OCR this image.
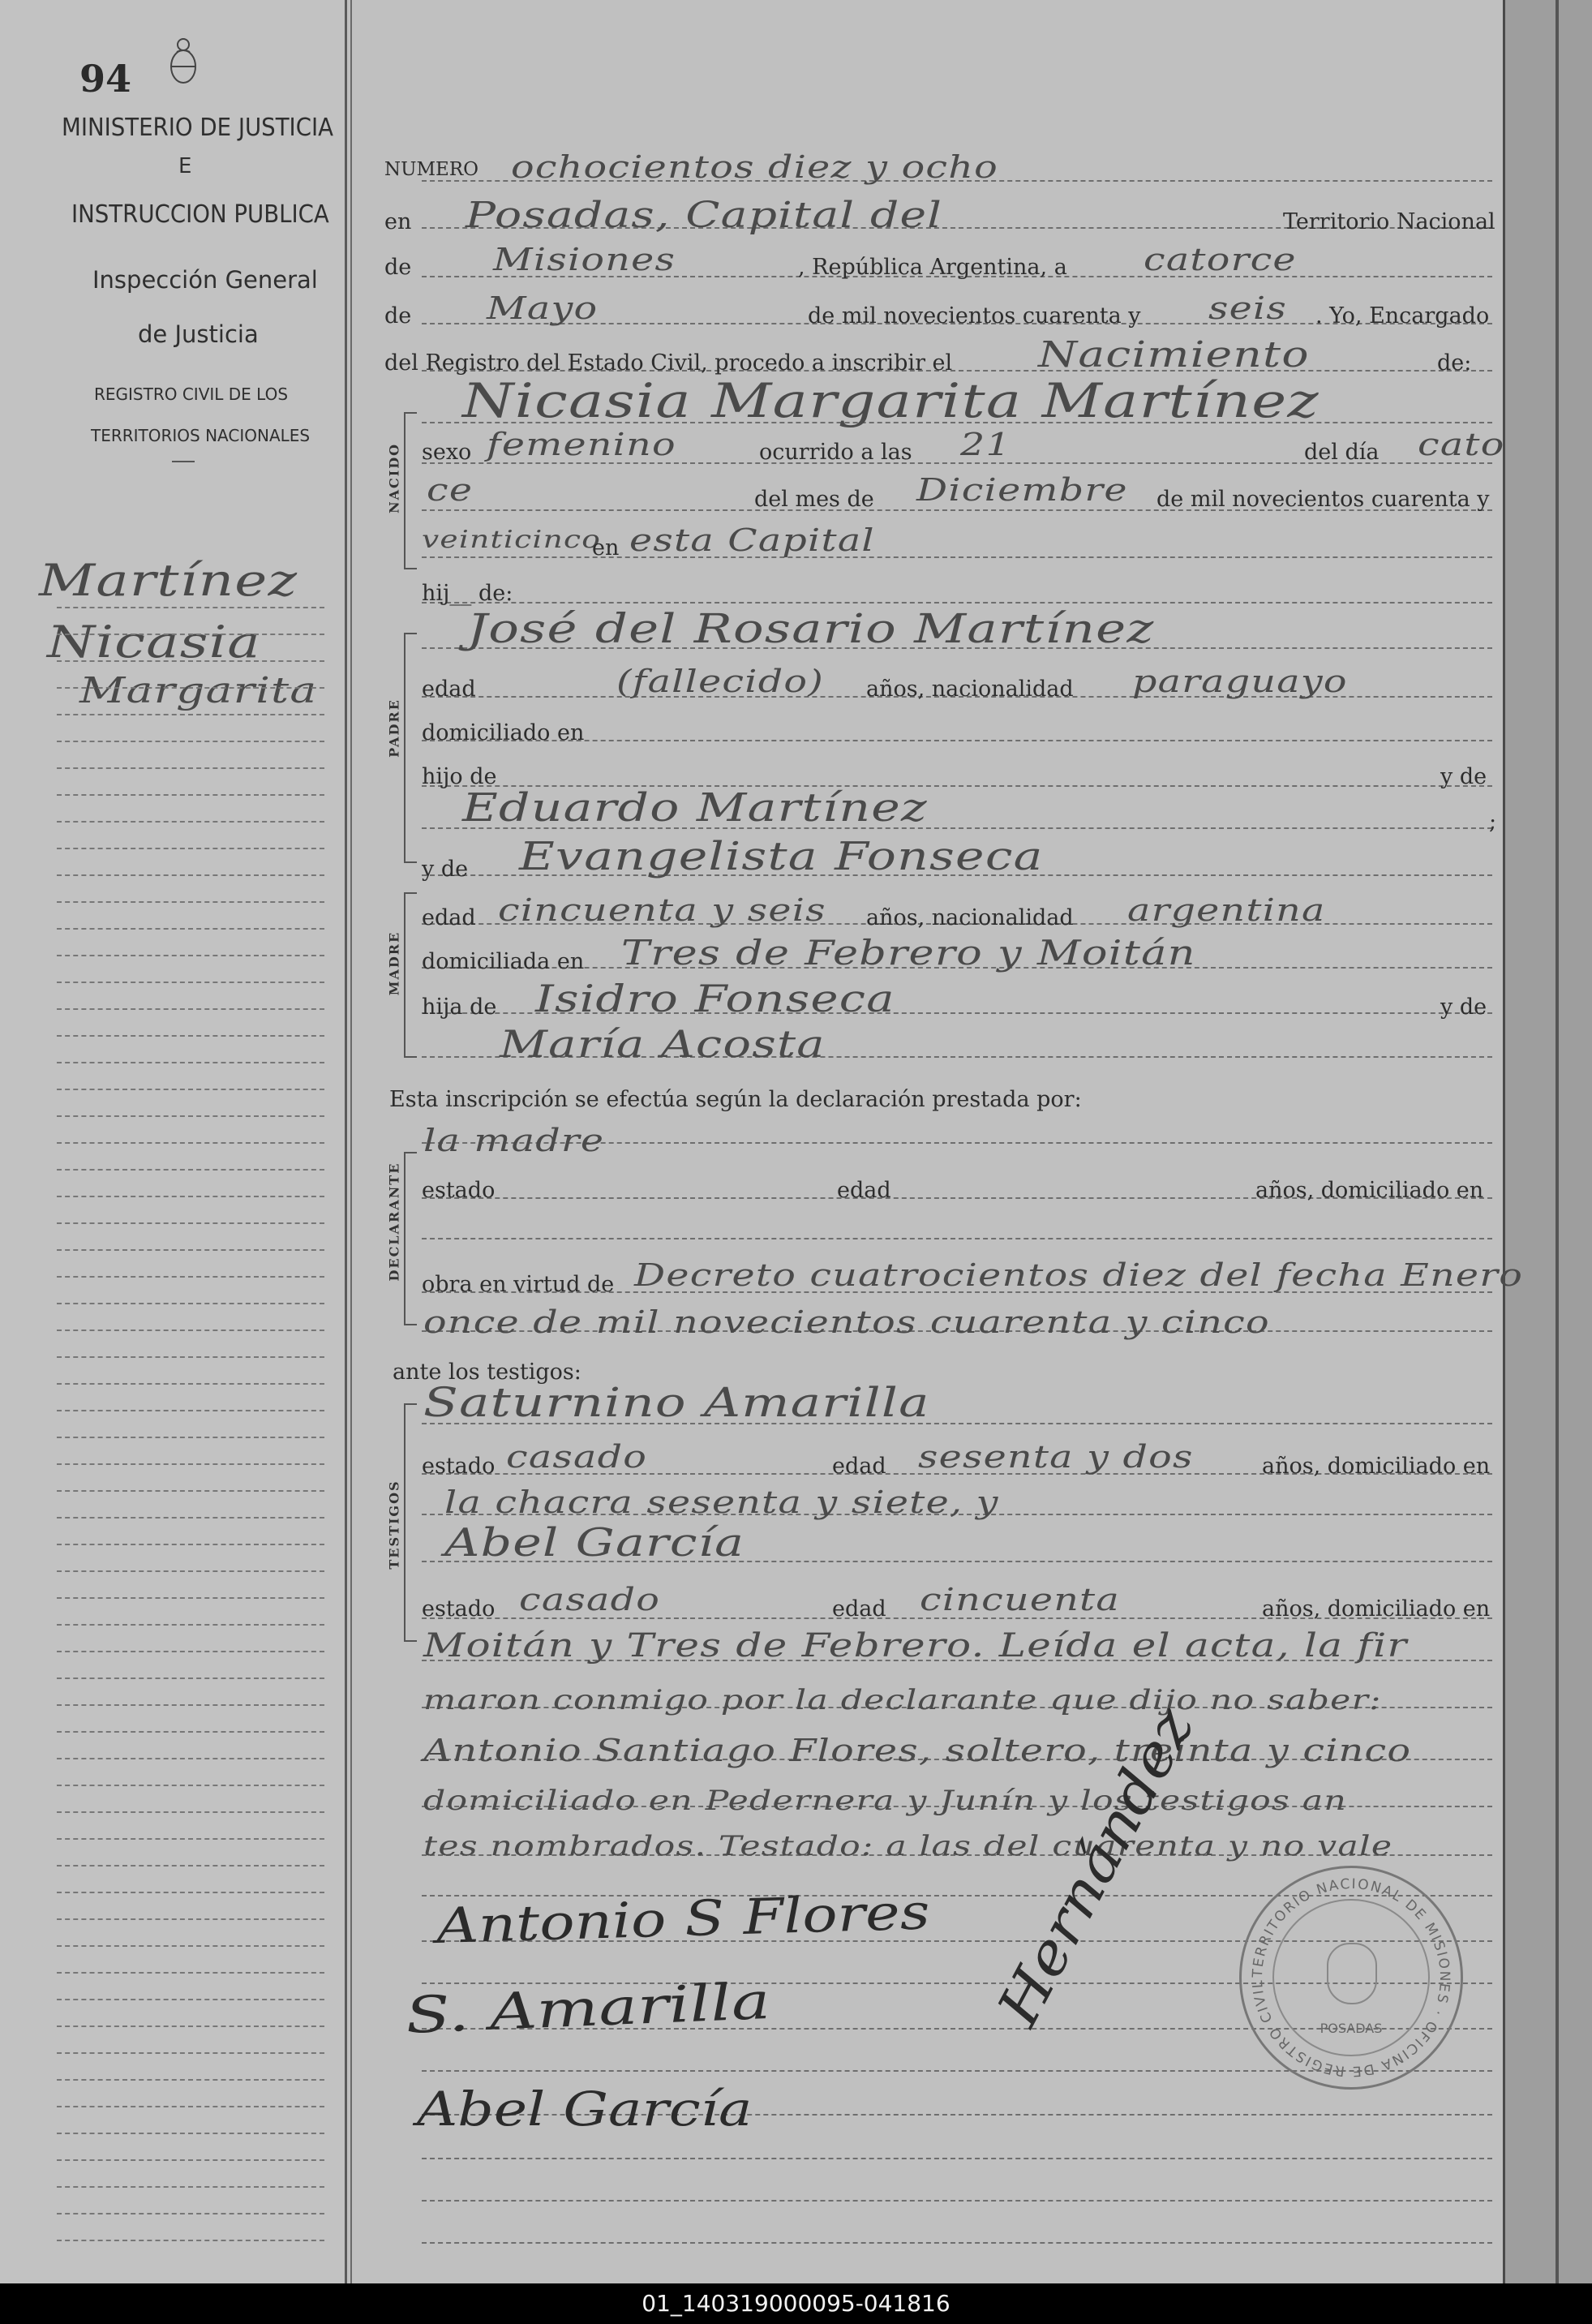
94
MINISTERIO DE JUSTICIA
E
INSTRUCCION PUBLICA
Inspección General
de Justicia
REGISTRO CIVIL DE LOS
TERRITORIOS NACIONALES
Martínez
Nicasia
Margarita
NACIDO
PADRE
MADRE
DECLARANTE
TESTIGOS
NUMERO ochocientos diez y ocho
en Posadas, Capital del	Territorio Nacional
de	Misiones	, República Argentina, a catorce
de Mayo	de mil novecientos cuarenta y seis . Yo, Encargado
del Registro del Estado Civil, procedo a inscribir el Nacimiento	de:
Nicasia Margarita Martínez
sexo femenino	ocurrido a las 21	del día cato
ce	del mes de Diciembre de mil novecientos cuarenta y
veinticinco
en esta Capital
hij__ de:
José del Rosario Martínez
edad	(fallecido) años, nacionalidad paraguayo
domiciliado en
hijo de	y de
Eduardo Martínez	;
y de Evangelista Fonseca
edad cincuenta y seis años, nacionalidad argentina
domiciliada en Tres de Febrero y Moitán
hija de Isidro Fonseca	y de
María Acosta
Esta inscripción se efectúa según la declaración prestada por:
la madre
estado	edad	años, domiciliado en
obra en virtud de Decreto cuatrocientos diez del fecha Enero
once de mil novecientos cuarenta y cinco
ante los testigos:
Saturnino Amarilla
estado casado	edad sesenta y dos	años, domiciliado en
la chacra sesenta y siete, y
Abel García
estado casado	edad cincuenta	años, domiciliado en
Moitán y Tres de Febrero. Leída el acta, la fir
maron conmigo por la declarante que dijo no saber:
Antonio Santiago Flores, soltero, treinta y cinco
domiciliado en Pedernera y Junín y los testigos an
tes nombrados. Testado: a las del cuarenta y no vale
Antonio S Flores
S. Amarilla
Abel García
Hernández	TERRITORIO NACIONAL DE MISIONES · OFICINA DE REGISTRO CIVIL
POSADAS
01_140319000095-041816
